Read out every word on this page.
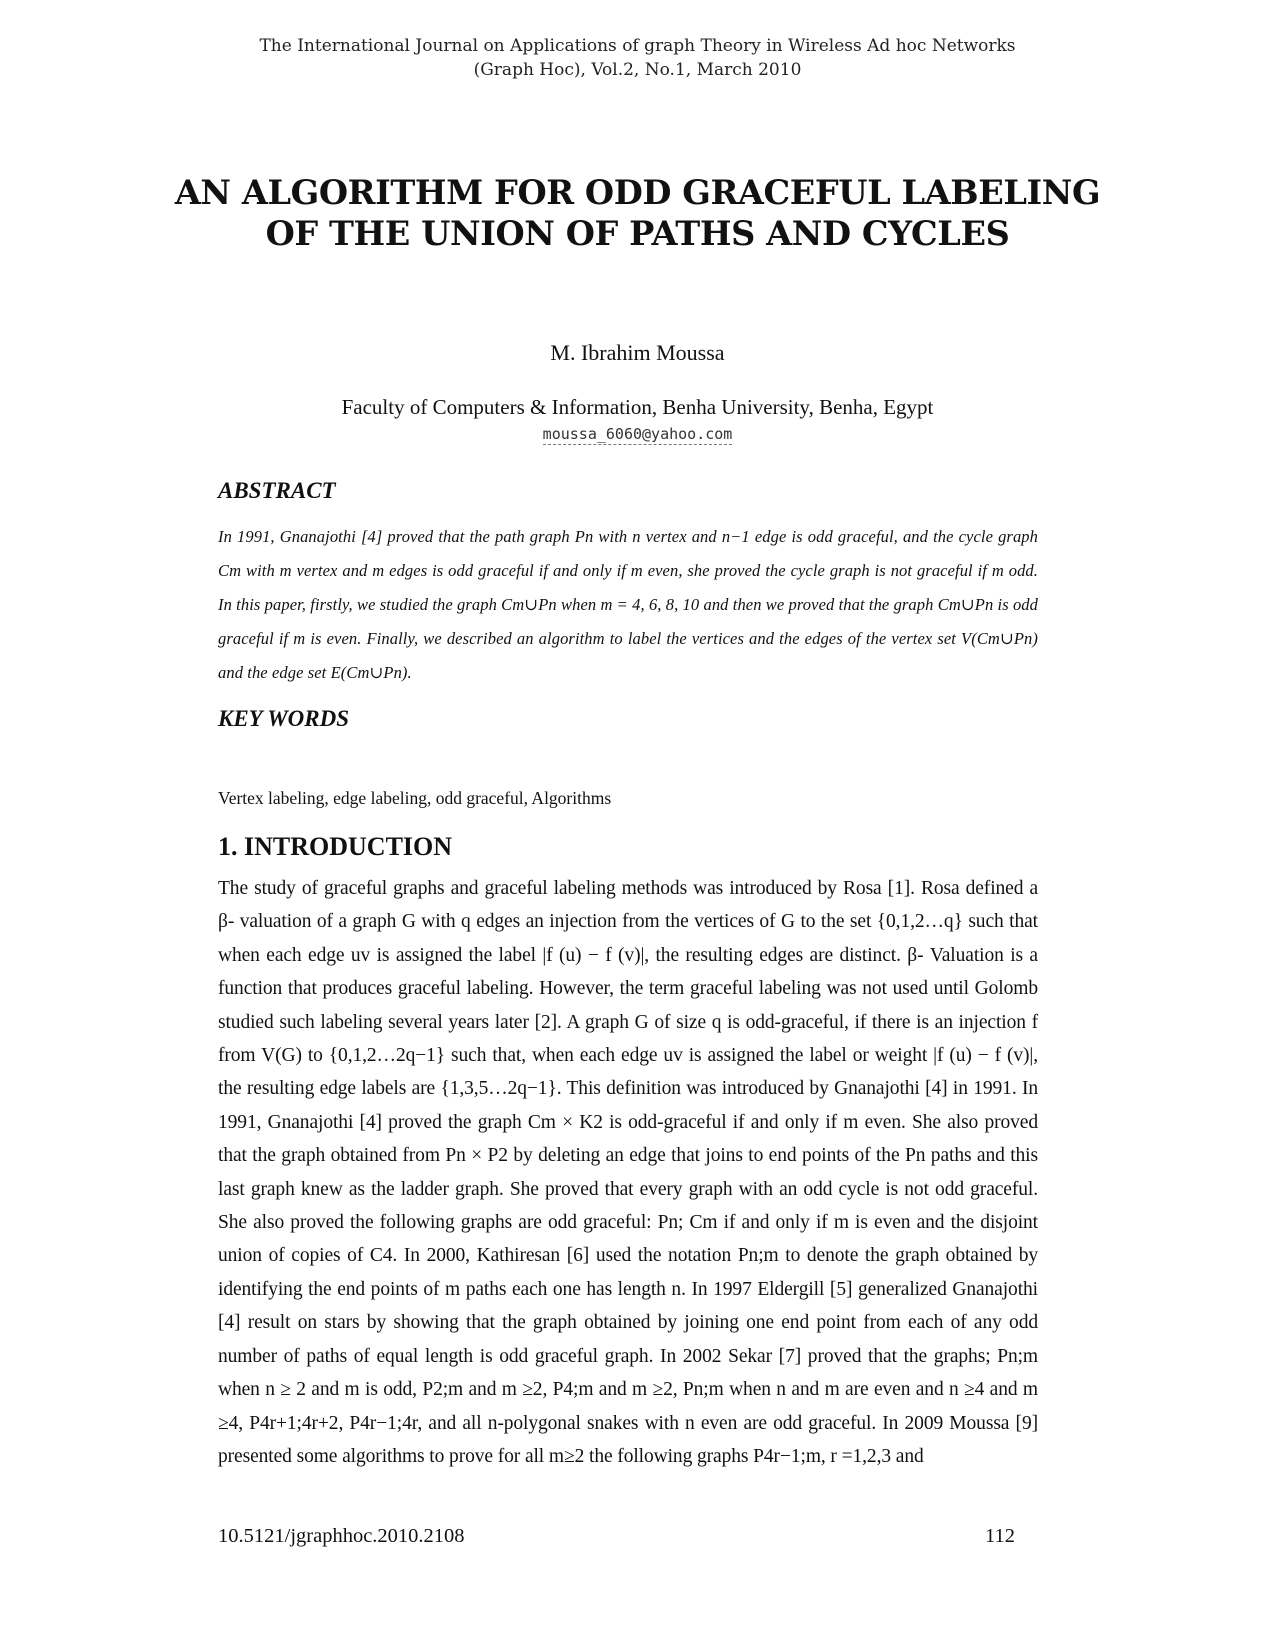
The International Journal on Applications of graph Theory in Wireless Ad hoc Networks
(Graph Hoc), Vol.2, No.1, March 2010
AN ALGORITHM FOR ODD GRACEFUL LABELING OF THE UNION OF PATHS AND CYCLES
M. Ibrahim Moussa
Faculty of Computers & Information, Benha University, Benha, Egypt
moussa_6060@yahoo.com
ABSTRACT
In 1991, Gnanajothi [4] proved that the path graph Pn with n vertex and n−1 edge is odd graceful, and the cycle graph Cm with m vertex and m edges is odd graceful if and only if m even, she proved the cycle graph is not graceful if m odd. In this paper, firstly, we studied the graph Cm∪Pn when m = 4, 6, 8, 10 and then we proved that the graph Cm∪Pn is odd graceful if m is even. Finally, we described an algorithm to label the vertices and the edges of the vertex set V(Cm∪Pn) and the edge set E(Cm∪Pn).
KEY WORDS
Vertex labeling, edge labeling, odd graceful, Algorithms
1. INTRODUCTION
The study of graceful graphs and graceful labeling methods was introduced by Rosa [1]. Rosa defined a β- valuation of a graph G with q edges an injection from the vertices of G to the set {0,1,2…q} such that when each edge uv is assigned the label |f (u) − f (v)|, the resulting edges are distinct. β- Valuation is a function that produces graceful labeling. However, the term graceful labeling was not used until Golomb studied such labeling several years later [2]. A graph G of size q is odd-graceful, if there is an injection f from V(G) to {0,1,2…2q−1} such that, when each edge uv is assigned the label or weight |f (u) − f (v)|, the resulting edge labels are {1,3,5…2q−1}. This definition was introduced by Gnanajothi [4] in 1991. In 1991, Gnanajothi [4] proved the graph Cm × K2 is odd-graceful if and only if m even. She also proved that the graph obtained from Pn × P2 by deleting an edge that joins to end points of the Pn paths and this last graph knew as the ladder graph. She proved that every graph with an odd cycle is not odd graceful. She also proved the following graphs are odd graceful: Pn; Cm if and only if m is even and the disjoint union of copies of C4. In 2000, Kathiresan [6] used the notation Pn;m to denote the graph obtained by identifying the end points of m paths each one has length n. In 1997 Eldergill [5] generalized Gnanajothi [4] result on stars by showing that the graph obtained by joining one end point from each of any odd number of paths of equal length is odd graceful graph. In 2002 Sekar [7] proved that the graphs; Pn;m when n ≥ 2 and m is odd, P2;m and m ≥2, P4;m and m ≥2, Pn;m when n and m are even and n ≥4 and m ≥4, P4r+1;4r+2, P4r−1;4r, and all n-polygonal snakes with n even are odd graceful. In 2009 Moussa [9] presented some algorithms to prove for all m≥2 the following graphs P4r−1;m, r =1,2,3 and
10.5121/jgraphhoc.2010.2108	112
